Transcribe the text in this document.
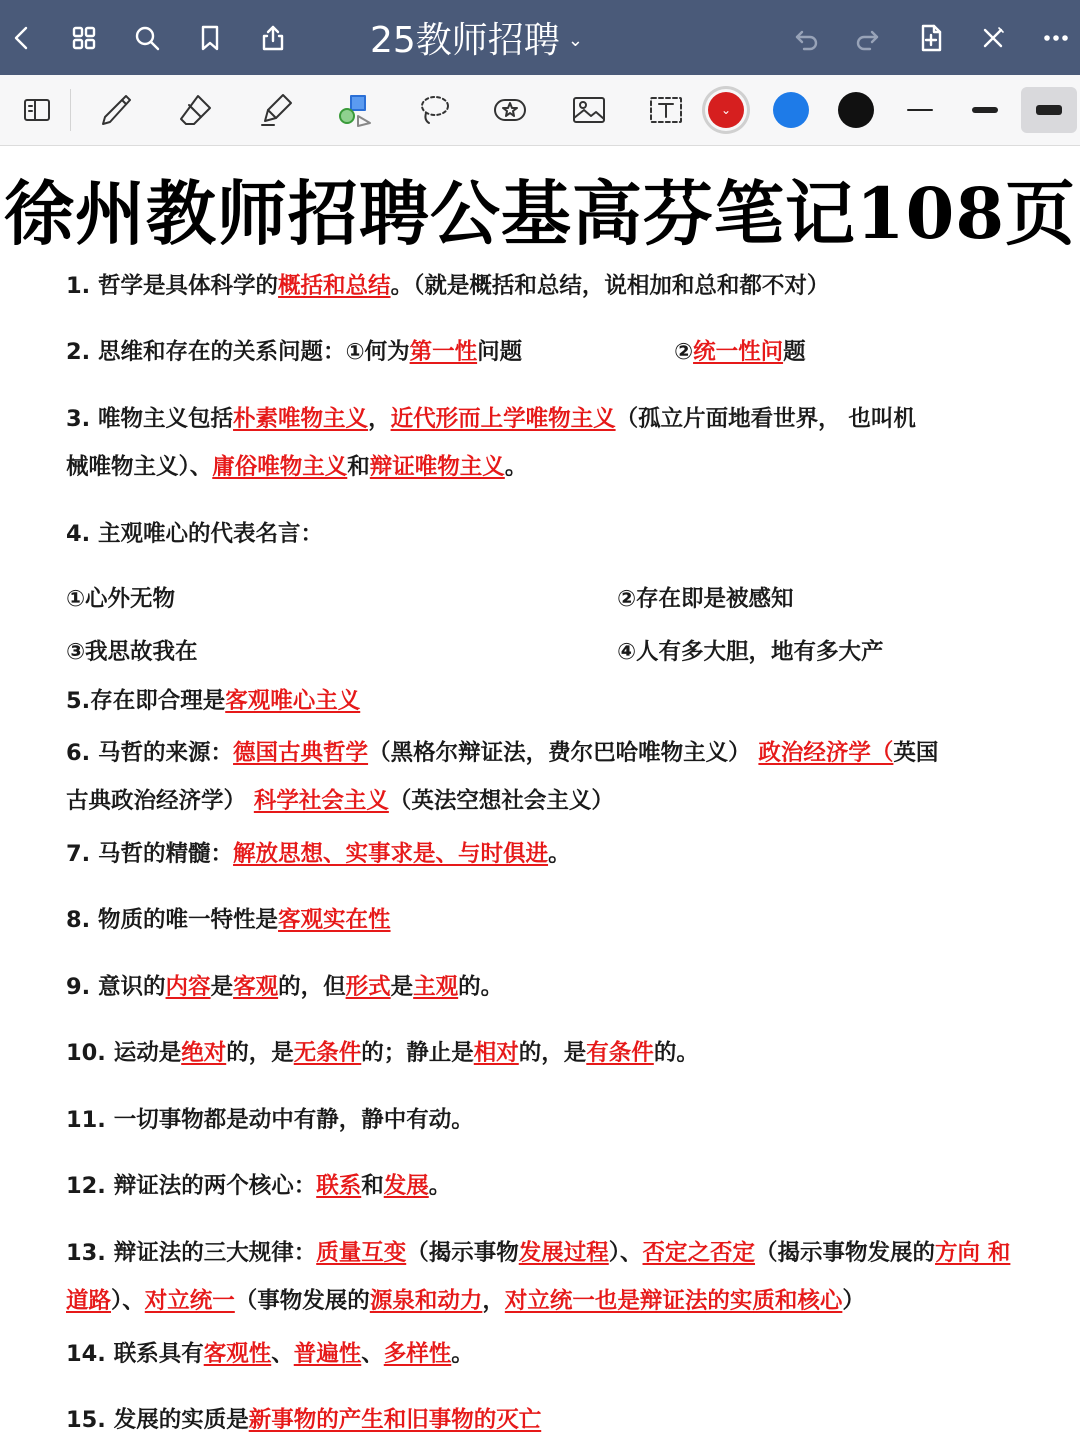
25教师招聘 ⌄
⌄
徐州教师招聘公基高芬笔记108页
1. 哲学是具体科学的概括和总结。（就是概括和总结，说相加和总和都不对）
2. 思维和存在的关系问题：①何为第一性问题	②统一性问题
3. 唯物主义包括朴素唯物主义，近代形而上学唯物主义（孤立片面地看世界， 也叫机
械唯物主义）、庸俗唯物主义和辩证唯物主义。
4. 主观唯心的代表名言：
①心外无物	②存在即是被感知
③我思故我在	④人有多大胆，地有多大产
5.存在即合理是客观唯心主义
6. 马哲的来源：德国古典哲学（黑格尔辩证法，费尔巴哈唯物主义） 政治经济学（英国
古典政治经济学） 科学社会主义（英法空想社会主义）
7. 马哲的精髓：解放思想、实事求是、与时俱进。
8. 物质的唯一特性是客观实在性
9. 意识的内容是客观的，但形式是主观的。
10. 运动是绝对的，是无条件的；静止是相对的，是有条件的。
11. 一切事物都是动中有静，静中有动。
12. 辩证法的两个核心：联系和发展。
13. 辩证法的三大规律：质量互变（揭示事物发展过程）、否定之否定（揭示事物发展的方向 和
道路）、对立统一（事物发展的源泉和动力，对立统一也是辩证法的实质和核心）
14. 联系具有客观性、普遍性、多样性。
15. 发展的实质是新事物的产生和旧事物的灭亡
